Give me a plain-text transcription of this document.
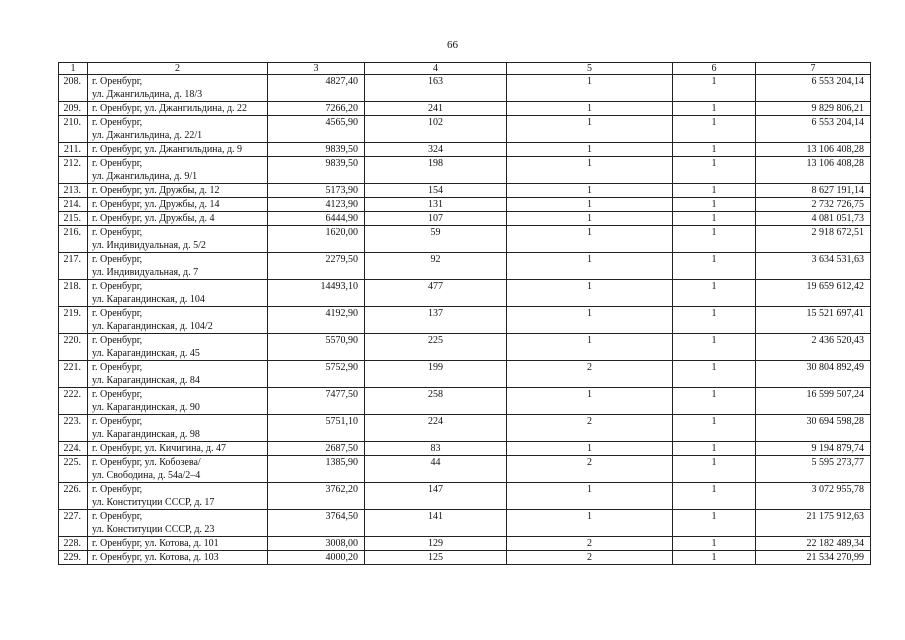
66
1	2	3	4	5	6	7
208.	г. Оренбург,
ул. Джангильдина, д. 18/3	4827,40	163	1	1	6 553 204,14
209.	г. Оренбург, ул. Джангильдина, д. 22	7266,20	241	1	1	9 829 806,21
210.	г. Оренбург,
ул. Джангильдина, д. 22/1	4565,90	102	1	1	6 553 204,14
211.	г. Оренбург, ул. Джангильдина, д. 9	9839,50	324	1	1	13 106 408,28
212.	г. Оренбург,
ул. Джангильдина, д. 9/1	9839,50	198	1	1	13 106 408,28
213.	г. Оренбург, ул. Дружбы, д. 12	5173,90	154	1	1	8 627 191,14
214.	г. Оренбург, ул. Дружбы, д. 14	4123,90	131	1	1	2 732 726,75
215.	г. Оренбург, ул. Дружбы, д. 4	6444,90	107	1	1	4 081 051,73
216.	г. Оренбург,
ул. Индивидуальная, д. 5/2	1620,00	59	1	1	2 918 672,51
217.	г. Оренбург,
ул. Индивидуальная, д. 7	2279,50	92	1	1	3 634 531,63
218.	г. Оренбург,
ул. Карагандинская, д. 104	14493,10	477	1	1	19 659 612,42
219.	г. Оренбург,
ул. Карагандинская, д. 104/2	4192,90	137	1	1	15 521 697,41
220.	г. Оренбург,
ул. Карагандинская, д. 45	5570,90	225	1	1	2 436 520,43
221.	г. Оренбург,
ул. Карагандинская, д. 84	5752,90	199	2	1	30 804 892,49
222.	г. Оренбург,
ул. Карагандинская, д. 90	7477,50	258	1	1	16 599 507,24
223.	г. Оренбург,
ул. Карагандинская, д. 98	5751,10	224	2	1	30 694 598,28
224.	г. Оренбург, ул. Кичигина, д. 47	2687,50	83	1	1	9 194 879,74
225.	г. Оренбург, ул. Кобозева/
ул. Свободина, д. 54а/2–4	1385,90	44	2	1	5 595 273,77
226.	г. Оренбург,
ул. Конституции СССР, д. 17	3762,20	147	1	1	3 072 955,78
227.	г. Оренбург,
ул. Конституции СССР, д. 23	3764,50	141	1	1	21 175 912,63
228.	г. Оренбург, ул. Котова, д. 101	3008,00	129	2	1	22 182 489,34
229.	г. Оренбург, ул. Котова, д. 103	4000,20	125	2	1	21 534 270,99
